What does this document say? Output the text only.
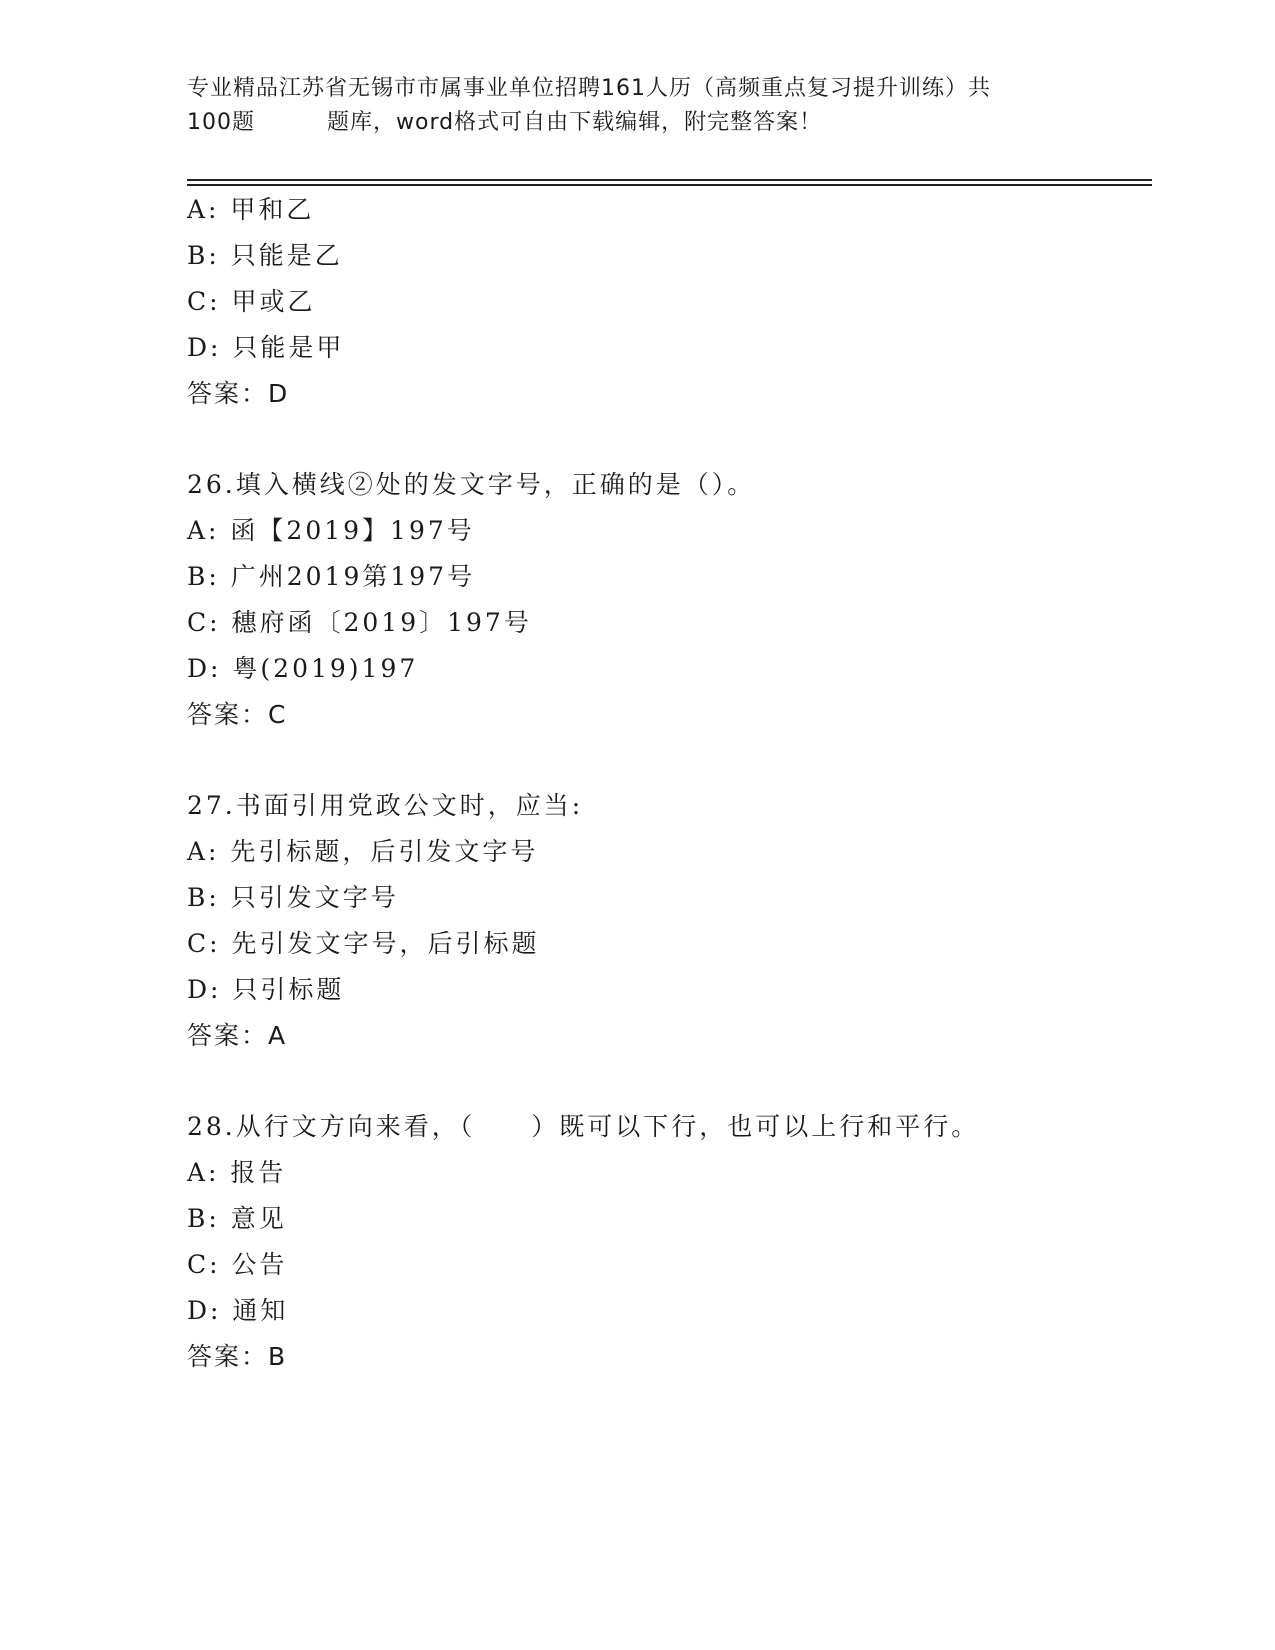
专业精品江苏省无锡市市属事业单位招聘161人历（高频重点复习提升训练）共
100题	题库，word格式可自由下载编辑，附完整答案！
A: 甲和乙
B: 只能是乙
C: 甲或乙
D: 只能是甲
答案：D
26.填入横线②处的发文字号，正确的是（）。
A: 函【2019】197号
B: 广州2019第197号
C: 穗府函〔2019〕197号
D: 粤(2019)197
答案：C
27.书面引用党政公文时，应当:
A: 先引标题，后引发文字号
B: 只引发文字号
C: 先引发文字号，后引标题
D: 只引标题
答案：A
28.从行文方向来看，（　　）既可以下行，也可以上行和平行。
A: 报告
B: 意见
C: 公告
D: 通知
答案：B
